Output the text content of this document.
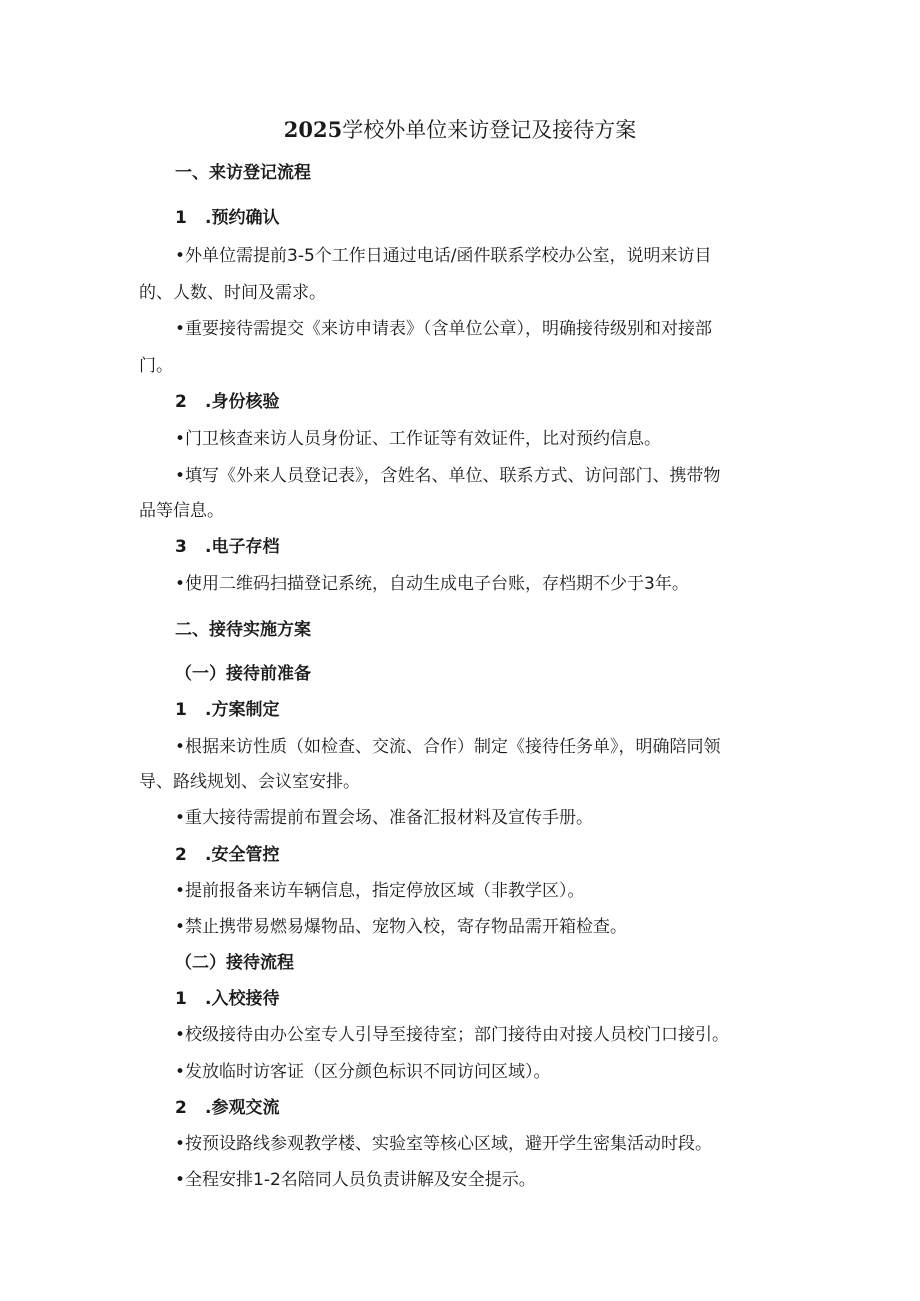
2025学校外单位来访登记及接待方案
一、来访登记流程
1 .预约确认
•外单位需提前3-5个工作日通过电话/函件联系学校办公室，说明来访目
的、人数、时间及需求。
•重要接待需提交《来访申请表》（含单位公章），明确接待级别和对接部
门。
2 .身份核验
•门卫核查来访人员身份证、工作证等有效证件，比对预约信息。
•填写《外来人员登记表》，含姓名、单位、联系方式、访问部门、携带物
品等信息。
3 .电子存档
•使用二维码扫描登记系统，自动生成电子台账，存档期不少于3年。
二、接待实施方案
（一）接待前准备
1 .方案制定
•根据来访性质（如检查、交流、合作）制定《接待任务单》，明确陪同领
导、路线规划、会议室安排。
•重大接待需提前布置会场、准备汇报材料及宣传手册。
2 .安全管控
•提前报备来访车辆信息，指定停放区域（非教学区）。
•禁止携带易燃易爆物品、宠物入校，寄存物品需开箱检查。
（二）接待流程
1 .入校接待
•校级接待由办公室专人引导至接待室；部门接待由对接人员校门口接引。
•发放临时访客证（区分颜色标识不同访问区域）。
2 .参观交流
•按预设路线参观教学楼、实验室等核心区域，避开学生密集活动时段。
•全程安排1-2名陪同人员负责讲解及安全提示。
